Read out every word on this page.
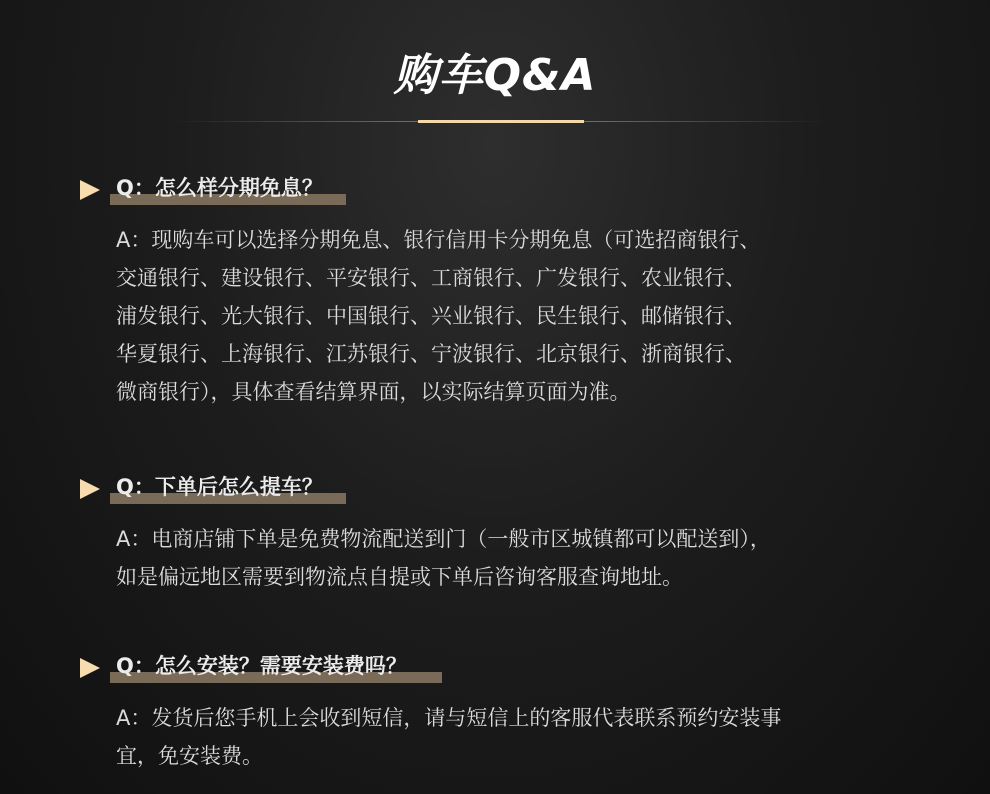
购车Q&A
Q：怎么样分期免息？
A：现购车可以选择分期免息、银行信用卡分期免息（可选招商银行、
交通银行、建设银行、平安银行、工商银行、广发银行、农业银行、
浦发银行、光大银行、中国银行、兴业银行、民生银行、邮储银行、
华夏银行、上海银行、江苏银行、宁波银行、北京银行、浙商银行、
微商银行），具体查看结算界面，以实际结算页面为准。
Q：下单后怎么提车？
A：电商店铺下单是免费物流配送到门（一般市区城镇都可以配送到），
如是偏远地区需要到物流点自提或下单后咨询客服查询地址。
Q：怎么安装？需要安装费吗？
A：发货后您手机上会收到短信，请与短信上的客服代表联系预约安装事
宜，免安装费。
